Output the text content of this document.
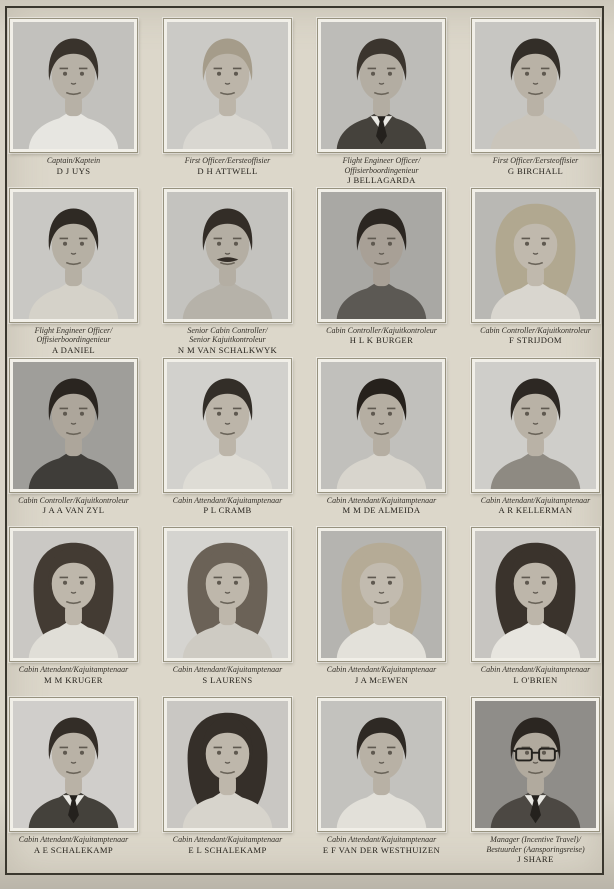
Captain/Kaptein
D J UYS
First Officer/Eersteoffisier
D H ATTWELL
Flight Engineer Officer/
Offisierboordingenieur
J BELLAGARDA
First Officer/Eersteoffisier
G BIRCHALL
Flight Engineer Officer/
Offisierboordingenieur
A DANIEL
Senior Cabin Controller/
Senior Kajuitkontroleur
N M VAN SCHALKWYK
Cabin Controller/Kajuitkontroleur
H L K BURGER
Cabin Controller/Kajuitkontroleur
F STRIJDOM
Cabin Controller/Kajuitkontroleur
J A A VAN ZYL
Cabin Attendant/Kajuitamptenaar
P L CRAMB
Cabin Attendant/Kajuitamptenaar
M M DE ALMEIDA
Cabin Attendant/Kajuitamptenaar
A R KELLERMAN
Cabin Attendant/Kajuitamptenaar
M M KRUGER
Cabin Attendant/Kajuitamptenaar
S LAURENS
Cabin Attendant/Kajuitamptenaar
J A McEWEN
Cabin Attendant/Kajuitamptenaar
L O'BRIEN
Cabin Attendant/Kajuitamptenaar
A E SCHALEKAMP
Cabin Attendant/Kajuitamptenaar
E L SCHALEKAMP
Cabin Attendant/Kajuitamptenaar
E F VAN DER WESTHUIZEN
Manager (Incentive Travel)/
Bestuurder (Aansporingsreise)
J SHARE
